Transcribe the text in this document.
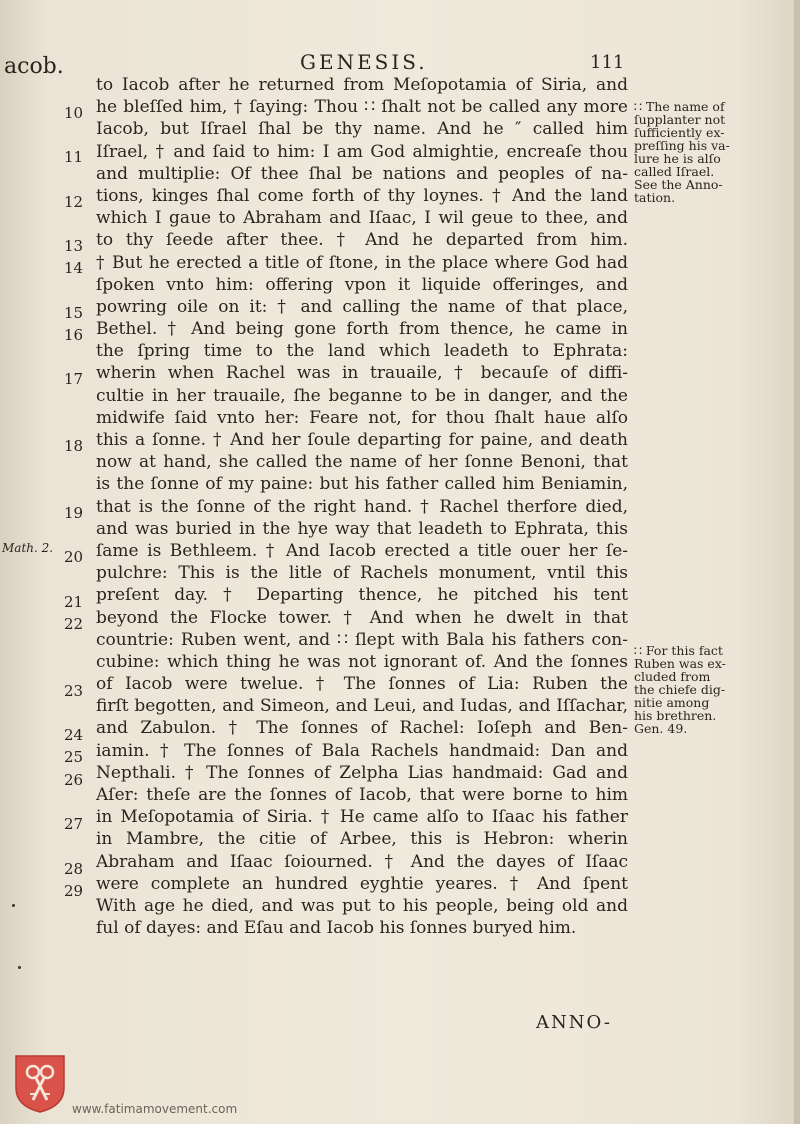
acob.	GENESIS.	111
to Iacob after he returned from Meſopotamia of Siria, and
he bleſſed him, † ſaying: Thou ∷ ſhalt not be called any more
Iacob, but Iſrael ſhal be thy name. And he ″ called him
Iſrael, † and ſaid to him: I am God almightie, encreaſe thou
and multiplie: Of thee ſhal be nations and peoples of na-
tions, kinges ſhal come forth of thy loynes. † And the land
which I gaue to Abraham and Iſaac, I wil geue to thee, and
to thy ſeede after thee. † And he departed from him.
† But he erected a title of ſtone, in the place where God had
ſpoken vnto him: offering vpon it liquide offeringes, and
powring oile on it: † and calling the name of that place,
Bethel. † And being gone forth from thence, he came in
the ſpring time to the land which leadeth to Ephrata:
wherin when Rachel was in trauaile, † becauſe of diffi-
cultie in her trauaile, ſhe beganne to be in danger, and the
midwife ſaid vnto her: Feare not, for thou ſhalt haue alſo
this a ſonne. † And her ſoule departing for paine, and death
now at hand, she called the name of her ſonne Benoni, that
is the ſonne of my paine: but his father called him Beniamin,
that is the ſonne of the right hand. † Rachel therfore died,
and was buried in the hye way that leadeth to Ephrata, this
ſame is Bethleem. † And Iacob erected a title ouer her ſe-
pulchre: This is the litle of Rachels monument, vntil this
preſent day. † Departing thence, he pitched his tent
beyond the Flocke tower. † And when he dwelt in that
countrie: Ruben went, and ∷ ſlept with Bala his fathers con-
cubine: which thing he was not ignorant of. And the ſonnes
of Iacob were twelue. † The ſonnes of Lia: Ruben the
firſt begotten, and Simeon, and Leui, and Iudas, and Iſſachar,
and Zabulon. † The ſonnes of Rachel: Ioſeph and Ben-
iamin. † The ſonnes of Bala Rachels handmaid: Dan and
Nepthali. † The ſonnes of Zelpha Lias handmaid: Gad and
Aſer: theſe are the ſonnes of Iacob, that were borne to him
in Meſopotamia of Siria. † He came alſo to Iſaac his father
in Mambre, the citie of Arbee, this is Hebron: wherin
Abraham and Iſaac ſoiourned. † And the dayes of Iſaac
were complete an hundred eyghtie yeares. † And ſpent
With age he died, and was put to his people, being old and
ful of dayes: and Eſau and Iacob his ſonnes buryed him.
10
11
12
13
14
15
16
17
18
19
20
21
22
23
24
25
26
27
28
29
∷ The name of
ſupplanter not
ſufficiently ex-
preſſing his va-
lure he is alſo
called Iſrael.
See the Anno-
tation.
∷ For this fact
Ruben was ex-
cluded from
the chiefe dig-
nitie among
his brethren.
Gen. 49.
Math. 2.
ANNO-
www.fatimamovement.com
